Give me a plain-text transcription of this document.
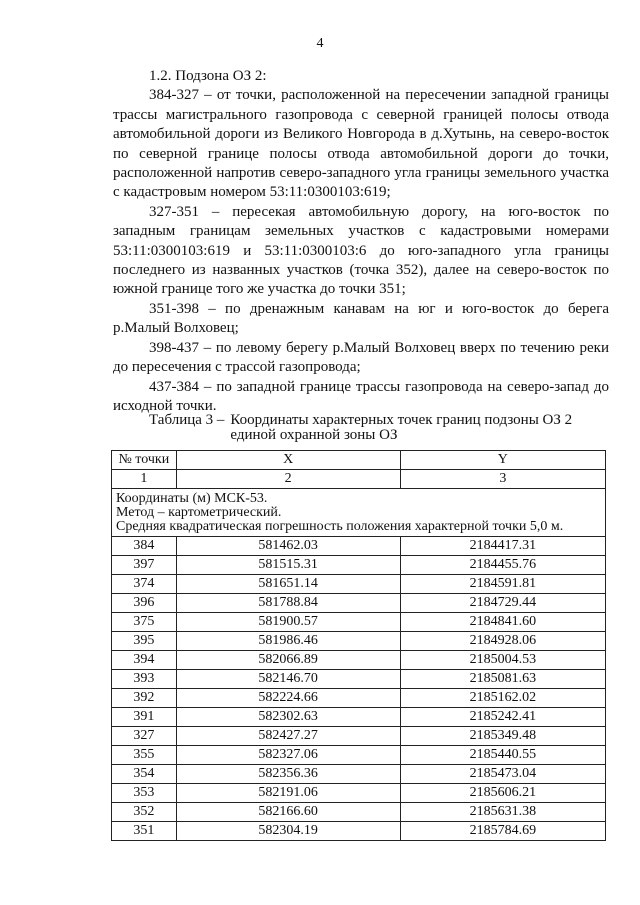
4
1.2. Подзона ОЗ 2:

384-327 – от точки, расположенной на пересечении западной границы трассы магистрального газопровода с северной границей полосы отвода автомобильной дороги из Великого Новгорода в д.Хутынь, на северо-восток по северной границе полосы отвода автомобильной дороги до точки, расположенной напротив северо-западного угла границы земельного участка с кадастровым номером 53:11:0300103:619;

327-351 – пересекая автомобильную дорогу, на юго-восток по западным границам земельных участков с кадастровыми номерами 53:11:0300103:619 и 53:11:0300103:6 до юго-западного угла границы последнего из названных участков (точка 352), далее на северо-восток по южной границе того же участка до точки 351;

351-398 – по дренажным канавам на юг и юго-восток до берега р.Малый Волховец;

398-437 – по левому берегу р.Малый Волховец вверх по течению реки до пересечения с трассой газопровода;

437-384 – по западной границе трассы газопровода на северо-запад до исходной точки.

Таблица 3 – Координаты характерных точек границ подзоны ОЗ 2
единой охранной зоны ОЗ
№ точки	X	Y
1	2	3

Координаты (м) МСК-53.
Метод – картометрический.
Средняя квадратическая погрешность положения характерной точки 5,0 м.		

384	581462.03	2184417.31
397	581515.31	2184455.76
374	581651.14	2184591.81
396	581788.84	2184729.44
375	581900.57	2184841.60
395	581986.46	2184928.06
394	582066.89	2185004.53
393	582146.70	2185081.63
392	582224.66	2185162.02
391	582302.63	2185242.41
327	582427.27	2185349.48
355	582327.06	2185440.55
354	582356.36	2185473.04
353	582191.06	2185606.21
352	582166.60	2185631.38
351	582304.19	2185784.69
